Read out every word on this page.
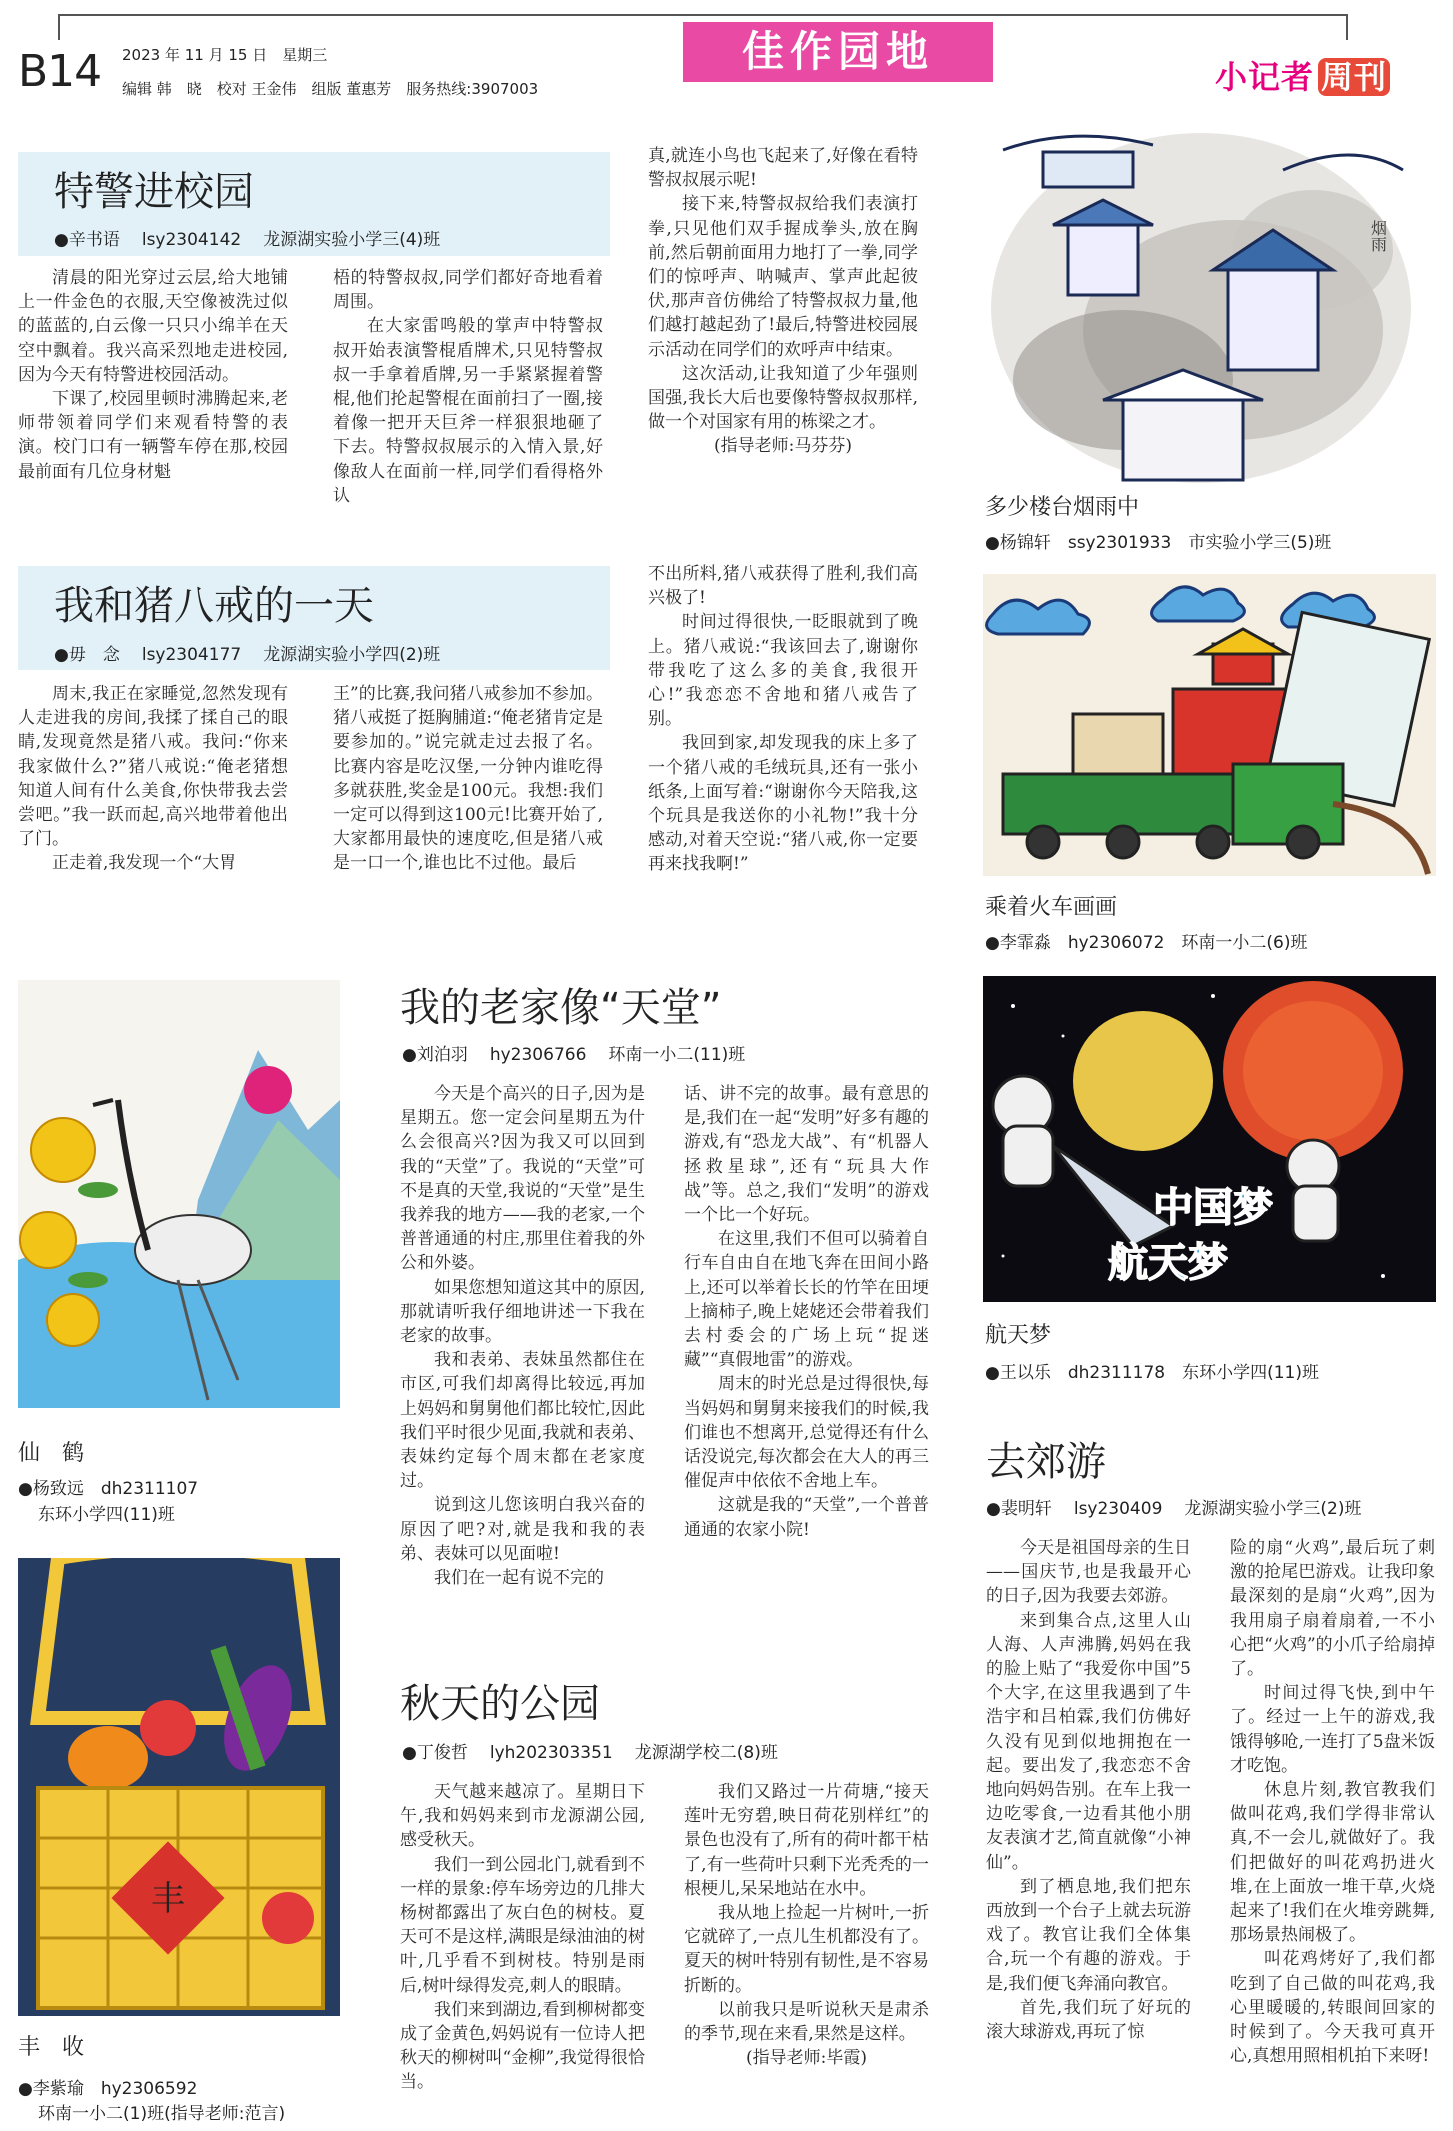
B14 2023 年 11 月 15 日　星期三
编辑 韩　晓　校对 王金伟　组版 董惠芳　服务热线:3907003
佳作园地
小记者 周刊
特警进校园
●辛书语 lsy2304142 龙源湖实验小学三(4)班

清晨的阳光穿过云层,给大地铺上一件金色的衣服,天空像被洗过似的蓝蓝的,白云像一只只小绵羊在天空中飘着。我兴高采烈地走进校园,因为今天有特警进校园活动。

下课了,校园里顿时沸腾起来,老师带领着同学们来观看特警的表演。校门口有一辆警车停在那,校园最前面有几位身材魁

梧的特警叔叔,同学们都好奇地看着周围。

在大家雷鸣般的掌声中特警叔叔开始表演警棍盾牌术,只见特警叔叔一手拿着盾牌,另一手紧紧握着警棍,他们抡起警棍在面前扫了一圈,接着像一把开天巨斧一样狠狠地砸了下去。特警叔叔展示的入情入景,好像敌人在面前一样,同学们看得格外认

真,就连小鸟也飞起来了,好像在看特警叔叔展示呢!

接下来,特警叔叔给我们表演打拳,只见他们双手握成拳头,放在胸前,然后朝前面用力地打了一拳,同学们的惊呼声、呐喊声、掌声此起彼伏,那声音仿佛给了特警叔叔力量,他们越打越起劲了!最后,特警进校园展示活动在同学们的欢呼声中结束。

这次活动,让我知道了少年强则国强,我长大后也要像特警叔叔那样,做一个对国家有用的栋梁之才。

(指导老师:马芬芬)

我和猪八戒的一天
●毋　念 lsy2304177 龙源湖实验小学四(2)班

周末,我正在家睡觉,忽然发现有人走进我的房间,我揉了揉自己的眼睛,发现竟然是猪八戒。我问:“你来我家做什么?”猪八戒说:“俺老猪想知道人间有什么美食,你快带我去尝尝吧。”我一跃而起,高兴地带着他出了门。

正走着,我发现一个“大胃

王”的比赛,我问猪八戒参加不参加。猪八戒挺了挺胸脯道:“俺老猪肯定是要参加的。”说完就走过去报了名。比赛内容是吃汉堡,一分钟内谁吃得多就获胜,奖金是100元。我想:我们一定可以得到这100元!比赛开始了,大家都用最快的速度吃,但是猪八戒是一口一个,谁也比不过他。最后

不出所料,猪八戒获得了胜利,我们高兴极了!

时间过得很快,一眨眼就到了晚上。猪八戒说:“我该回去了,谢谢你带我吃了这么多的美食,我很开心!”我恋恋不舍地和猪八戒告了别。

我回到家,却发现我的床上多了一个猪八戒的毛绒玩具,还有一张小纸条,上面写着:“谢谢你今天陪我,这个玩具是我送你的小礼物!”我十分感动,对着天空说:“猪八戒,你一定要再来找我啊!”

烟雨
多少楼台烟雨中
●杨锦轩　ssy2301933　市实验小学三(5)班
乘着火车画画
●李霏淼　hy2306072　环南一小二(6)班
中国梦
航天梦
航天梦
●王以乐　dh2311178　东环小学四(11)班
仙　鹤
●杨致远　dh2311107
东环小学四(11)班
丰
丰　收
●李紫瑜　hy2306592
环南一小二(1)班(指导老师:范言)
我的老家像“天堂”
●刘泊羽 hy2306766 环南一小二(11)班

今天是个高兴的日子,因为是星期五。您一定会问星期五为什么会很高兴?因为我又可以回到我的“天堂”了。我说的“天堂”可不是真的天堂,我说的“天堂”是生我养我的地方——我的老家,一个普普通通的村庄,那里住着我的外公和外婆。

如果您想知道这其中的原因,那就请听我仔细地讲述一下我在老家的故事。

我和表弟、表妹虽然都住在市区,可我们却离得比较远,再加上妈妈和舅舅他们都比较忙,因此我们平时很少见面,我就和表弟、表妹约定每个周末都在老家度过。

说到这儿您该明白我兴奋的原因了吧?对,就是我和我的表弟、表妹可以见面啦!

我们在一起有说不完的

话、讲不完的故事。最有意思的是,我们在一起“发明”好多有趣的游戏,有“恐龙大战”、有“机器人拯救星球”,还有“玩具大作战”等。总之,我们“发明”的游戏一个比一个好玩。

在这里,我们不但可以骑着自行车自由自在地飞奔在田间小路上,还可以举着长长的竹竿在田埂上摘柿子,晚上姥姥还会带着我们去村委会的广场上玩“捉迷藏”“真假地雷”的游戏。

周末的时光总是过得很快,每当妈妈和舅舅来接我们的时候,我们谁也不想离开,总觉得还有什么话没说完,每次都会在大人的再三催促声中依依不舍地上车。

这就是我的“天堂”,一个普普通通的农家小院!

秋天的公园
●丁俊哲 lyh202303351 龙源湖学校二(8)班

天气越来越凉了。星期日下午,我和妈妈来到市龙源湖公园,感受秋天。

我们一到公园北门,就看到不一样的景象:停车场旁边的几排大杨树都露出了灰白色的树枝。夏天可不是这样,满眼是绿油油的树叶,几乎看不到树枝。特别是雨后,树叶绿得发亮,刺人的眼睛。

我们来到湖边,看到柳树都变成了金黄色,妈妈说有一位诗人把秋天的柳树叫“金柳”,我觉得很恰当。

我们又路过一片荷塘,“接天莲叶无穷碧,映日荷花别样红”的景色也没有了,所有的荷叶都干枯了,有一些荷叶只剩下光秃秃的一根梗儿,呆呆地站在水中。

我从地上捡起一片树叶,一折它就碎了,一点儿生机都没有了。夏天的树叶特别有韧性,是不容易折断的。

以前我只是听说秋天是肃杀的季节,现在来看,果然是这样。

(指导老师:毕霞)

去郊游
●裴明轩 lsy230409 龙源湖实验小学三(2)班

今天是祖国母亲的生日——国庆节,也是我最开心的日子,因为我要去郊游。

来到集合点,这里人山人海、人声沸腾,妈妈在我的脸上贴了“我爱你中国”5个大字,在这里我遇到了牛浩宇和吕柏霖,我们仿佛好久没有见到似地拥抱在一起。要出发了,我恋恋不舍地向妈妈告别。在车上我一边吃零食,一边看其他小朋友表演才艺,简直就像“小神仙”。

到了栖息地,我们把东西放到一个台子上就去玩游戏了。教官让我们全体集合,玩一个有趣的游戏。于是,我们便飞奔涌向教官。

首先,我们玩了好玩的滚大球游戏,再玩了惊

险的扇“火鸡”,最后玩了刺激的抢尾巴游戏。让我印象最深刻的是扇“火鸡”,因为我用扇子扇着扇着,一不小心把“火鸡”的小爪子给扇掉了。

时间过得飞快,到中午了。经过一上午的游戏,我饿得够呛,一连打了5盘米饭才吃饱。

休息片刻,教官教我们做叫花鸡,我们学得非常认真,不一会儿,就做好了。我们把做好的叫花鸡扔进火堆,在上面放一堆干草,火烧起来了!我们在火堆旁跳舞,那场景热闹极了。

叫花鸡烤好了,我们都吃到了自己做的叫花鸡,我心里暖暖的,转眼间回家的时候到了。今天我可真开心,真想用照相机拍下来呀!
